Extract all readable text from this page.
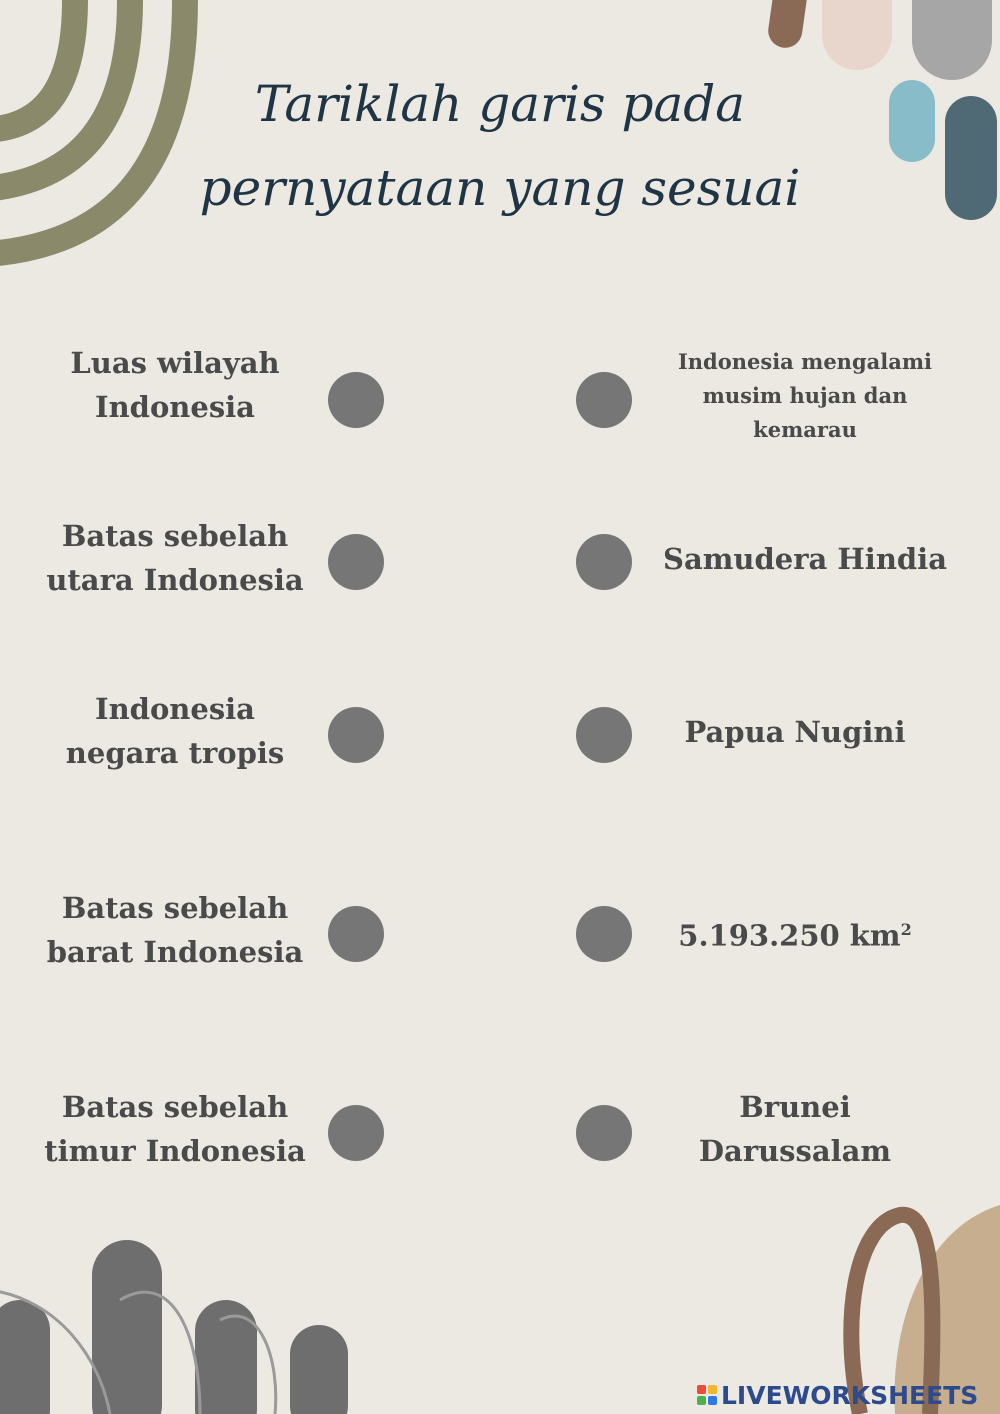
Tariklah garis pada
pernyataan yang sesuai
Luas wilayah
Indonesia
Batas sebelah
utara Indonesia
Indonesia
negara tropis
Batas sebelah
barat Indonesia
Batas sebelah
timur Indonesia
Indonesia mengalami
musim hujan dan
kemarau
Samudera Hindia
Papua Nugini
5.193.250 $km^2$
Brunei
Darussalam
LIVEWORKSHEETS
